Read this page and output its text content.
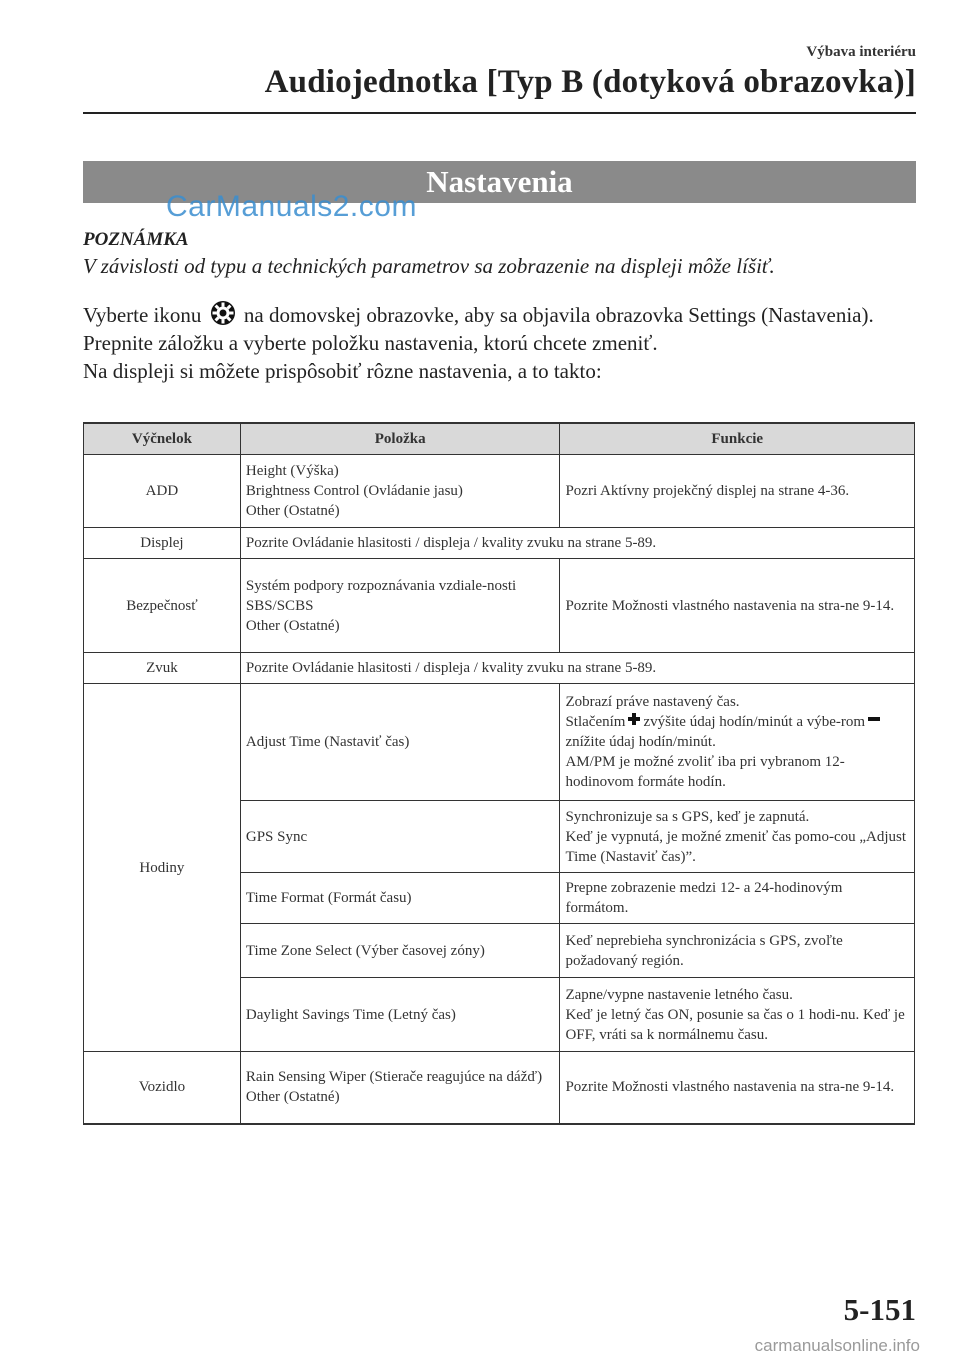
Výbava interiéru
Audiojednotka [Typ B (dotyková obrazovka)]
Nastavenia
CarManuals2.com
POZNÁMKA
V závislosti od typu a technických parametrov sa zobrazenie na displeji môže líšiť.

Vyberte ikonu na domovskej obrazovke, aby sa objavila obrazovka Settings (Nastavenia).

Prepnite záložku a vyberte položku nastavenia, ktorú chcete zmeniť.

Na displeji si môžete prispôsobiť rôzne nastavenia, a to takto:

Výčnelok	Položka	Funkcie
ADD	Height (Výška)
Brightness Control (Ovládanie jasu)
Other (Ostatné)	Pozri Aktívny projekčný displej na strane 4-36.
Displej	Pozrite Ovládanie hlasitosti / displeja / kvality zvuku na strane 5-89.	
Bezpečnosť	Systém podpory rozpoznávania vzdiale-nosti
SBS/SCBS
Other (Ostatné)	Pozrite Možnosti vlastného nastavenia na stra-ne 9-14.
Zvuk	Pozrite Ovládanie hlasitosti / displeja / kvality zvuku na strane 5-89.	
Hodiny	Adjust Time (Nastaviť čas)	Zobrazí práve nastavený čas.
Stlačením zvýšite údaj hodín/minút a výbe-romznížite údaj hodín/minút.
AM/PM je možné zvoliť iba pri vybranom 12-hodinovom formáte hodín.

	GPS Sync	Synchronizuje sa s GPS, keď je zapnutá.
Keď je vypnutá, je možné zmeniť čas pomo-cou „Adjust Time (Nastaviť čas)”.

	Time Format (Formát času)	Prepne zobrazenie medzi 12- a 24-hodinovým formátom.
	Time Zone Select (Výber časovej zóny)	Keď neprebieha synchronizácia s GPS, zvoľte požadovaný región.
	Daylight Savings Time (Letný čas)	Zapne/vypne nastavenie letného času.
Keď je letný čas ON, posunie sa čas o 1 hodi-nu. Keď je OFF, vráti sa k normálnemu času.

Vozidlo	Rain Sensing Wiper (Stierače reagujúce na dážď)
Other (Ostatné)	Pozrite Možnosti vlastného nastavenia na stra-ne 9-14.
5-151
carmanualsonline.info
